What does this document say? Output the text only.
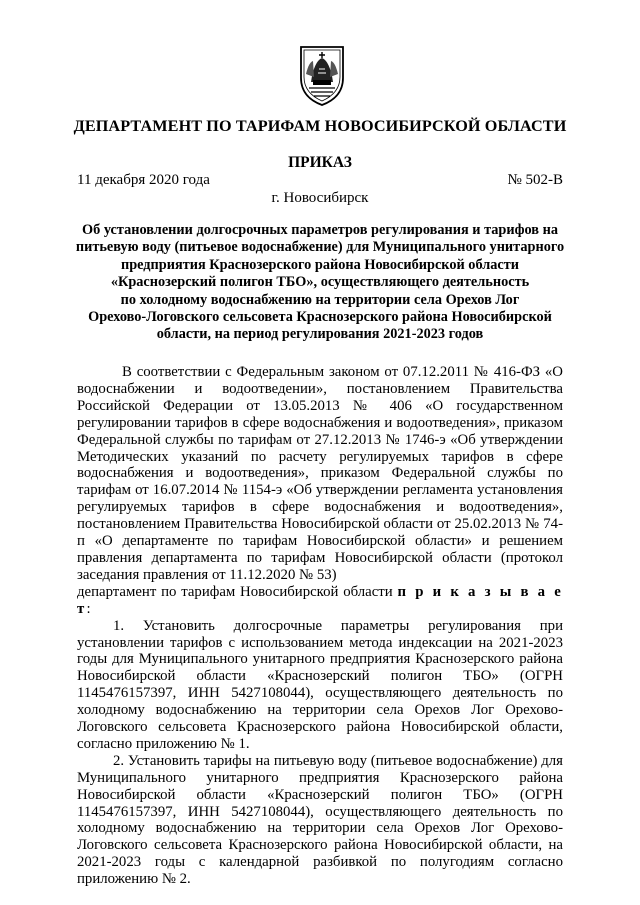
ДЕПАРТАМЕНТ ПО ТАРИФАМ НОВОСИБИРСКОЙ ОБЛАСТИ
ПРИКАЗ
11 декабря 2020 года	№ 502-В
г. Новосибирск
Об установлении долгосрочных параметров регулирования и тарифов на
питьевую воду (питьевое водоснабжение) для Муниципального унитарного
предприятия Краснозерского района Новосибирской области
«Краснозерский полигон ТБО», осуществляющего деятельность
по холодному водоснабжению на территории села Орехов Лог
Орехово-Логовского сельсовета Краснозерского района Новосибирской
области, на период регулирования 2021-2023 годов

В соответствии с Федеральным законом от 07.12.2011 № 416-ФЗ «О водоснабжении и водоотведении», постановлением Правительства Российской Федерации от 13.05.2013 № 406 «О государственном регулировании тарифов в сфере водоснабжения и водоотведения», приказом Федеральной службы по тарифам от 27.12.2013 № 1746-э «Об утверждении Методических указаний по расчету регулируемых тарифов в сфере водоснабжения и водоотведения», приказом Федеральной службы по тарифам от 16.07.2014 № 1154-э «Об утверждении регламента установления регулируемых тарифов в сфере водоснабжения и водоотведения», постановлением Правительства Новосибирской области от 25.02.2013 № 74-п «О департаменте по тарифам Новосибирской области» и решением правления департамента по тарифам Новосибирской области (протокол заседания правления от 11.12.2020 № 53)

департамент по тарифам Новосибирской области п р и к а з ы в а е т:

1. Установить долгосрочные параметры регулирования при установлении тарифов с использованием метода индексации на 2021-2023 годы для Муниципального унитарного предприятия Краснозерского района Новосибирской области «Краснозерский полигон ТБО» (ОГРН 1145476157397, ИНН 5427108044), осуществляющего деятельность по холодному водоснабжению на территории села Орехов Лог Орехово-Логовского сельсовета Краснозерского района Новосибирской области, согласно приложению № 1.

2. Установить тарифы на питьевую воду (питьевое водоснабжение) для Муниципального унитарного предприятия Краснозерского района Новосибирской области «Краснозерский полигон ТБО» (ОГРН 1145476157397, ИНН 5427108044), осуществляющего деятельность по холодному водоснабжению на территории села Орехов Лог Орехово-Логовского сельсовета Краснозерского района Новосибирской области, на 2021-2023 годы с календарной разбивкой по полугодиям согласно приложению № 2.
